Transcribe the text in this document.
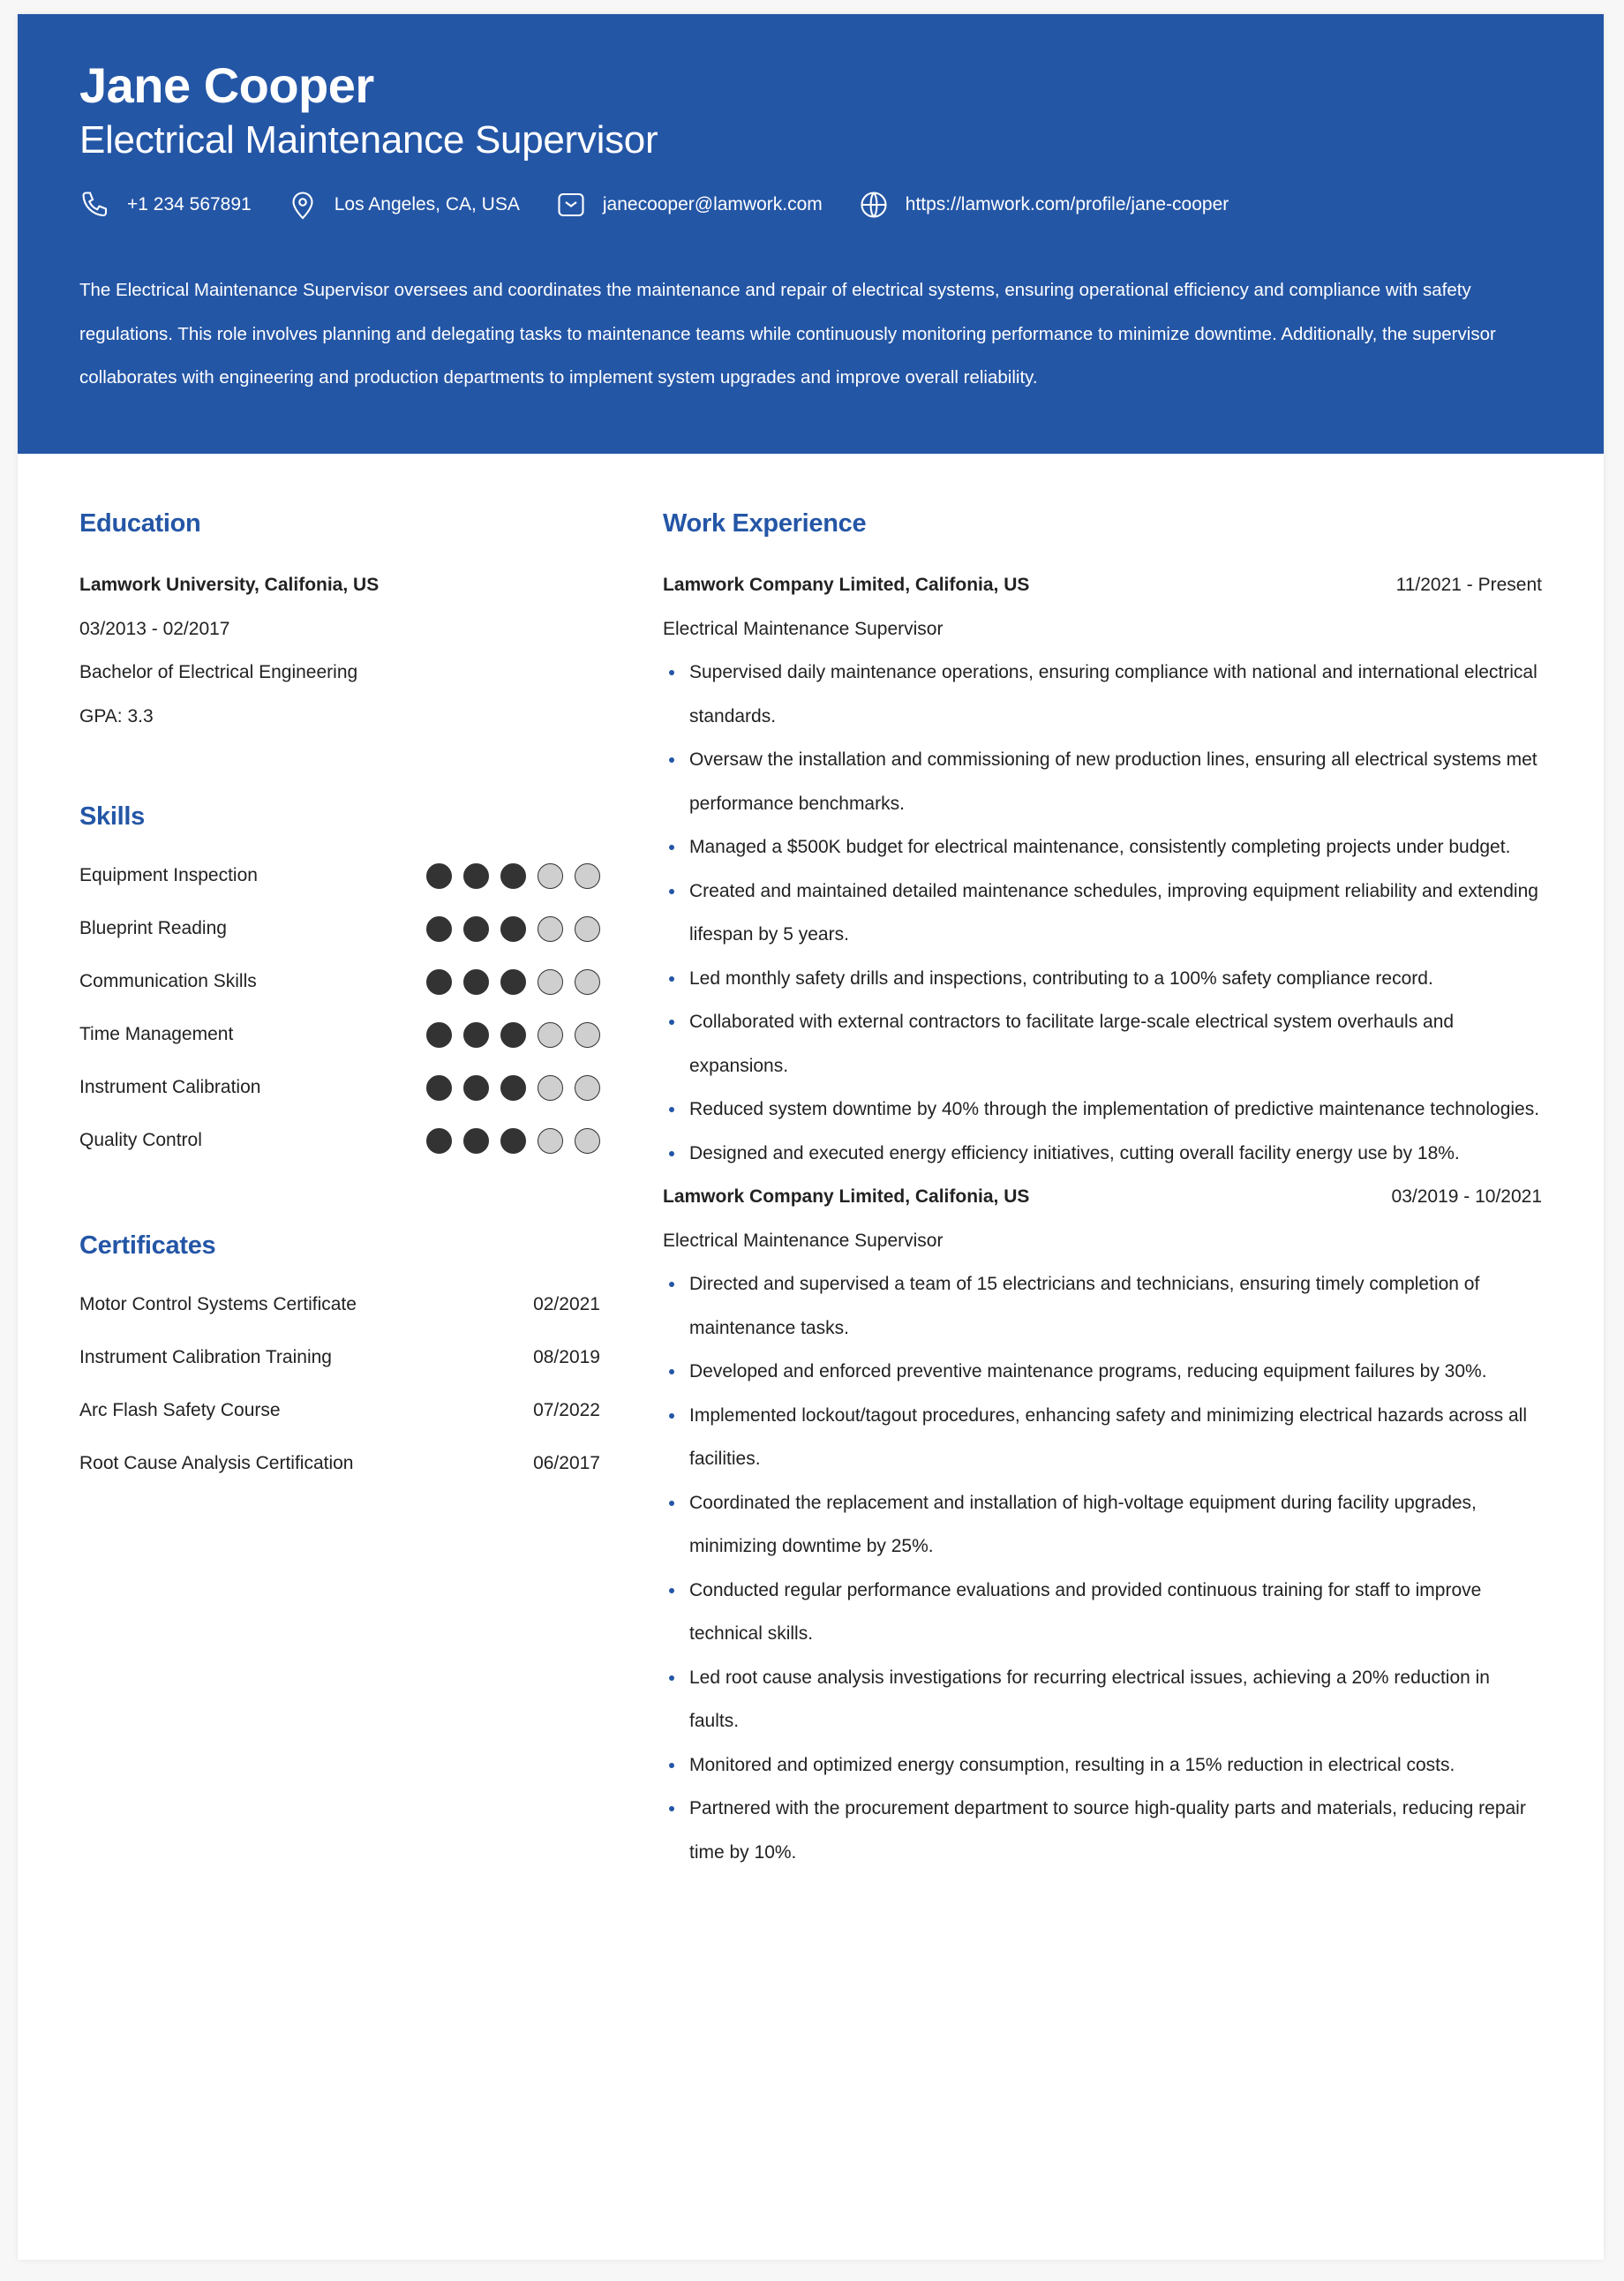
Jane Cooper
Electrical Maintenance Supervisor
+1 234 567891	Los Angeles, CA, USA	janecooper@lamwork.com	https://lamwork.com/profile/jane-cooper
The Electrical Maintenance Supervisor oversees and coordinates the maintenance and repair of electrical systems, ensuring operational efficiency and compliance with safety regulations. This role involves planning and delegating tasks to maintenance teams while continuously monitoring performance to minimize downtime. Additionally, the supervisor collaborates with engineering and production departments to implement system upgrades and improve overall reliability.
Education
Lamwork University, Califonia, US
03/2013 - 02/2017
Bachelor of Electrical Engineering
GPA: 3.3
Skills
Equipment Inspection
Blueprint Reading
Communication Skills
Time Management
Instrument Calibration
Quality Control
Certificates
Motor Control Systems Certificate	02/2021
Instrument Calibration Training	08/2019
Arc Flash Safety Course	07/2022
Root Cause Analysis Certification	06/2017
Work Experience
Lamwork Company Limited, Califonia, US	11/2021 - Present
Electrical Maintenance Supervisor
Supervised daily maintenance operations, ensuring compliance with national and international electrical standards.
Oversaw the installation and commissioning of new production lines, ensuring all electrical systems met performance benchmarks.
Managed a $500K budget for electrical maintenance, consistently completing projects under budget.
Created and maintained detailed maintenance schedules, improving equipment reliability and extending lifespan by 5 years.
Led monthly safety drills and inspections, contributing to a 100% safety compliance record.
Collaborated with external contractors to facilitate large-scale electrical system overhauls and expansions.
Reduced system downtime by 40% through the implementation of predictive maintenance technologies.
Designed and executed energy efficiency initiatives, cutting overall facility energy use by 18%.
Lamwork Company Limited, Califonia, US	03/2019 - 10/2021
Electrical Maintenance Supervisor
Directed and supervised a team of 15 electricians and technicians, ensuring timely completion of maintenance tasks.
Developed and enforced preventive maintenance programs, reducing equipment failures by 30%.
Implemented lockout/tagout procedures, enhancing safety and minimizing electrical hazards across all facilities.
Coordinated the replacement and installation of high-voltage equipment during facility upgrades, minimizing downtime by 25%.
Conducted regular performance evaluations and provided continuous training for staff to improve technical skills.
Led root cause analysis investigations for recurring electrical issues, achieving a 20% reduction in faults.
Monitored and optimized energy consumption, resulting in a 15% reduction in electrical costs.
Partnered with the procurement department to source high-quality parts and materials, reducing repair time by 10%.
